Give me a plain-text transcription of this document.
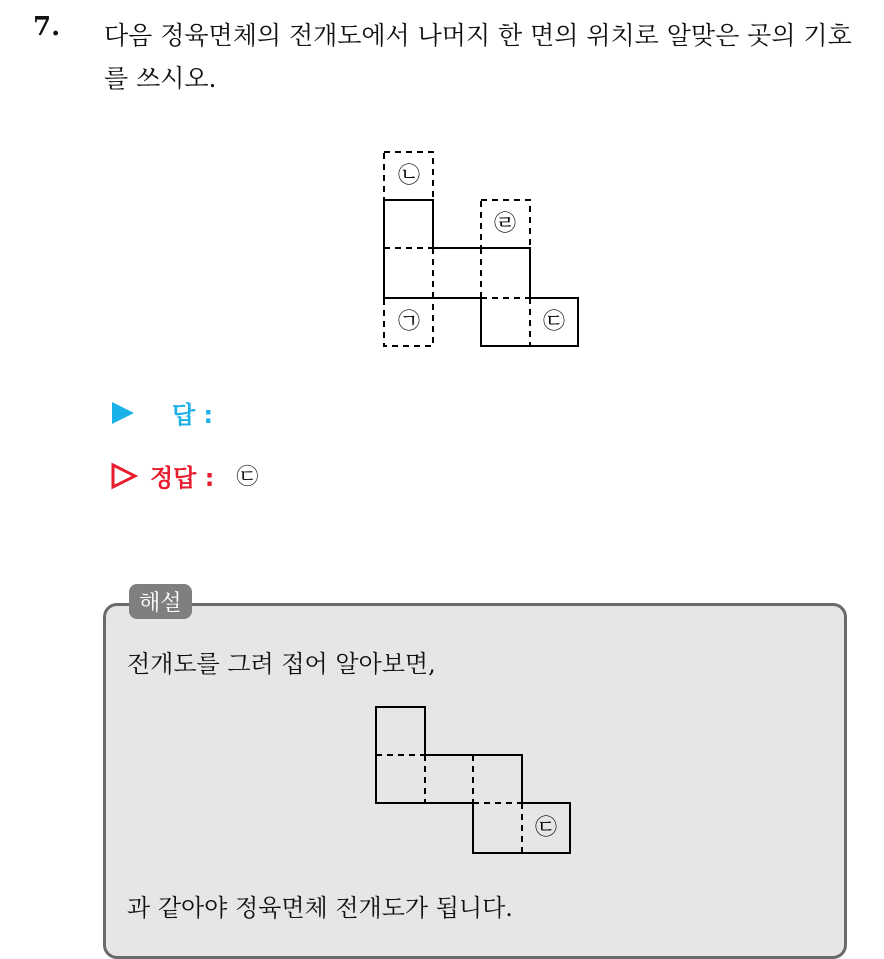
7. 다음 정육면체의 전개도에서 나머지 한 면의 위치로 알맞은 곳의 기호를 쓰시오.
㉡
㉣
㉠	㉢
답 :
정답 : ㉢
해설
전개도를 그려 접어 알아보면,
㉢
과 같아야 정육면체 전개도가 됩니다.
